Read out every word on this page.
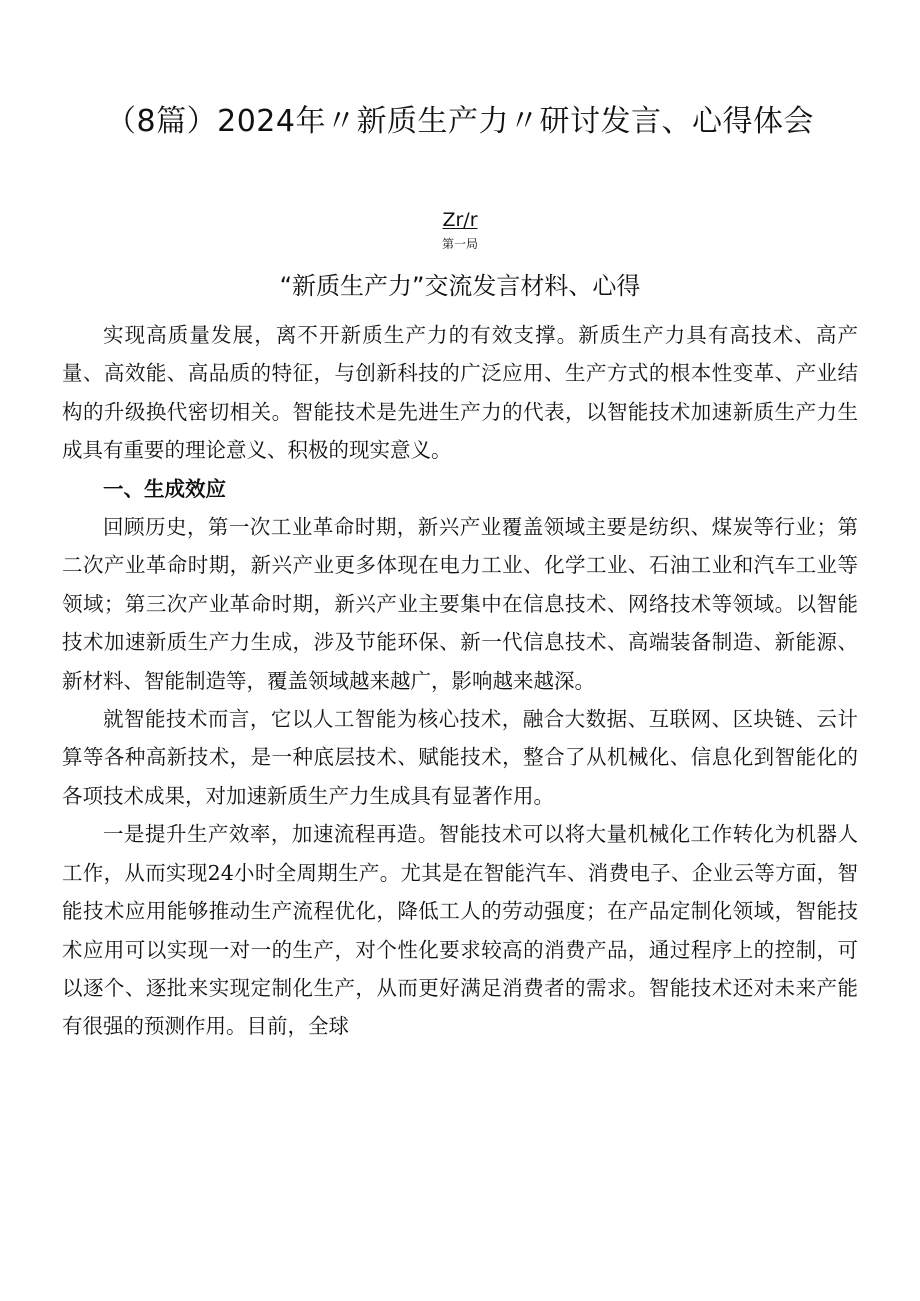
（8篇）2024年〃新质生产力〃研讨发言、心得体会
Zr/r
第一局
“新质生产力”交流发言材料、心得

实现高质量发展，离不开新质生产力的有效支撑。新质生产力具有高技术、高产量、高效能、高品质的特征，与创新科技的广泛应用、生产方式的根本性变革、产业结构的升级换代密切相关。智能技术是先进生产力的代表，以智能技术加速新质生产力生成具有重要的理论意义、积极的现实意义。

一、生成效应

回顾历史，第一次工业革命时期，新兴产业覆盖领域主要是纺织、煤炭等行业；第二次产业革命时期，新兴产业更多体现在电力工业、化学工业、石油工业和汽车工业等领域；第三次产业革命时期，新兴产业主要集中在信息技术、网络技术等领域。以智能技术加速新质生产力生成，涉及节能环保、新一代信息技术、高端装备制造、新能源、新材料、智能制造等，覆盖领域越来越广，影响越来越深。

就智能技术而言，它以人工智能为核心技术，融合大数据、互联网、区块链、云计算等各种高新技术，是一种底层技术、赋能技术，整合了从机械化、信息化到智能化的各项技术成果，对加速新质生产力生成具有显著作用。

一是提升生产效率，加速流程再造。智能技术可以将大量机械化工作转化为机器人工作，从而实现24小时全周期生产。尤其是在智能汽车、消费电子、企业云等方面，智能技术应用能够推动生产流程优化，降低工人的劳动强度；在产品定制化领域，智能技术应用可以实现一对一的生产，对个性化要求较高的消费产品，通过程序上的控制，可以逐个、逐批来实现定制化生产，从而更好满足消费者的需求。智能技术还对未来产能有很强的预测作用。目前，全球
